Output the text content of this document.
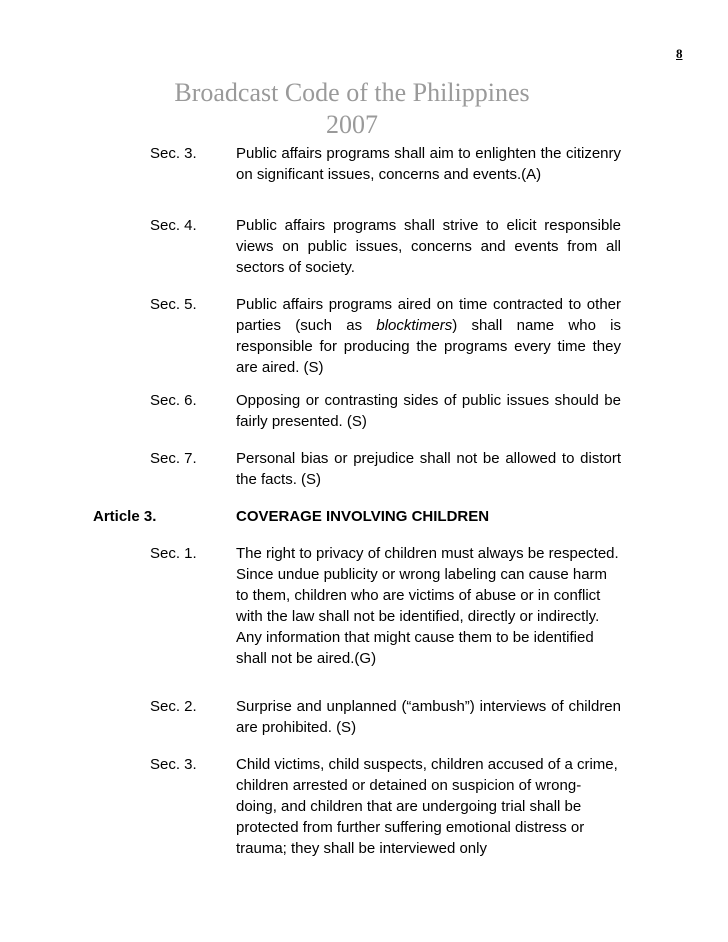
8
Broadcast Code of the Philippines
2007
Sec. 3.	Public affairs programs shall aim to enlighten the citizenry on significant issues, concerns and events.(A)
Sec. 4.	Public affairs programs shall strive to elicit responsible views on public issues, concerns and events from all sectors of society.
Sec. 5.	Public affairs programs aired on time contracted to other parties (such as blocktimers) shall name who is responsible for producing the programs every time they are aired. (S)
Sec. 6.	Opposing or contrasting sides of public issues should be fairly presented. (S)
Sec. 7.	Personal bias or prejudice shall not be allowed to distort the facts. (S)
Article 3.	COVERAGE INVOLVING CHILDREN
Sec. 1.	The right to privacy of children must always be respected. Since undue publicity or wrong labeling can cause harm to them, children who are victims of abuse or in conflict with the law shall not be identified, directly or indirectly. Any information that might cause them to be identified shall not be aired.(G)
Sec. 2.	Surprise and unplanned (“ambush”) interviews of children are prohibited. (S)
Sec. 3.	Child victims, child suspects, children accused of a crime, children arrested or detained on suspicion of wrong-doing, and children that are undergoing trial shall be protected from further suffering emotional distress or trauma; they shall be interviewed only
